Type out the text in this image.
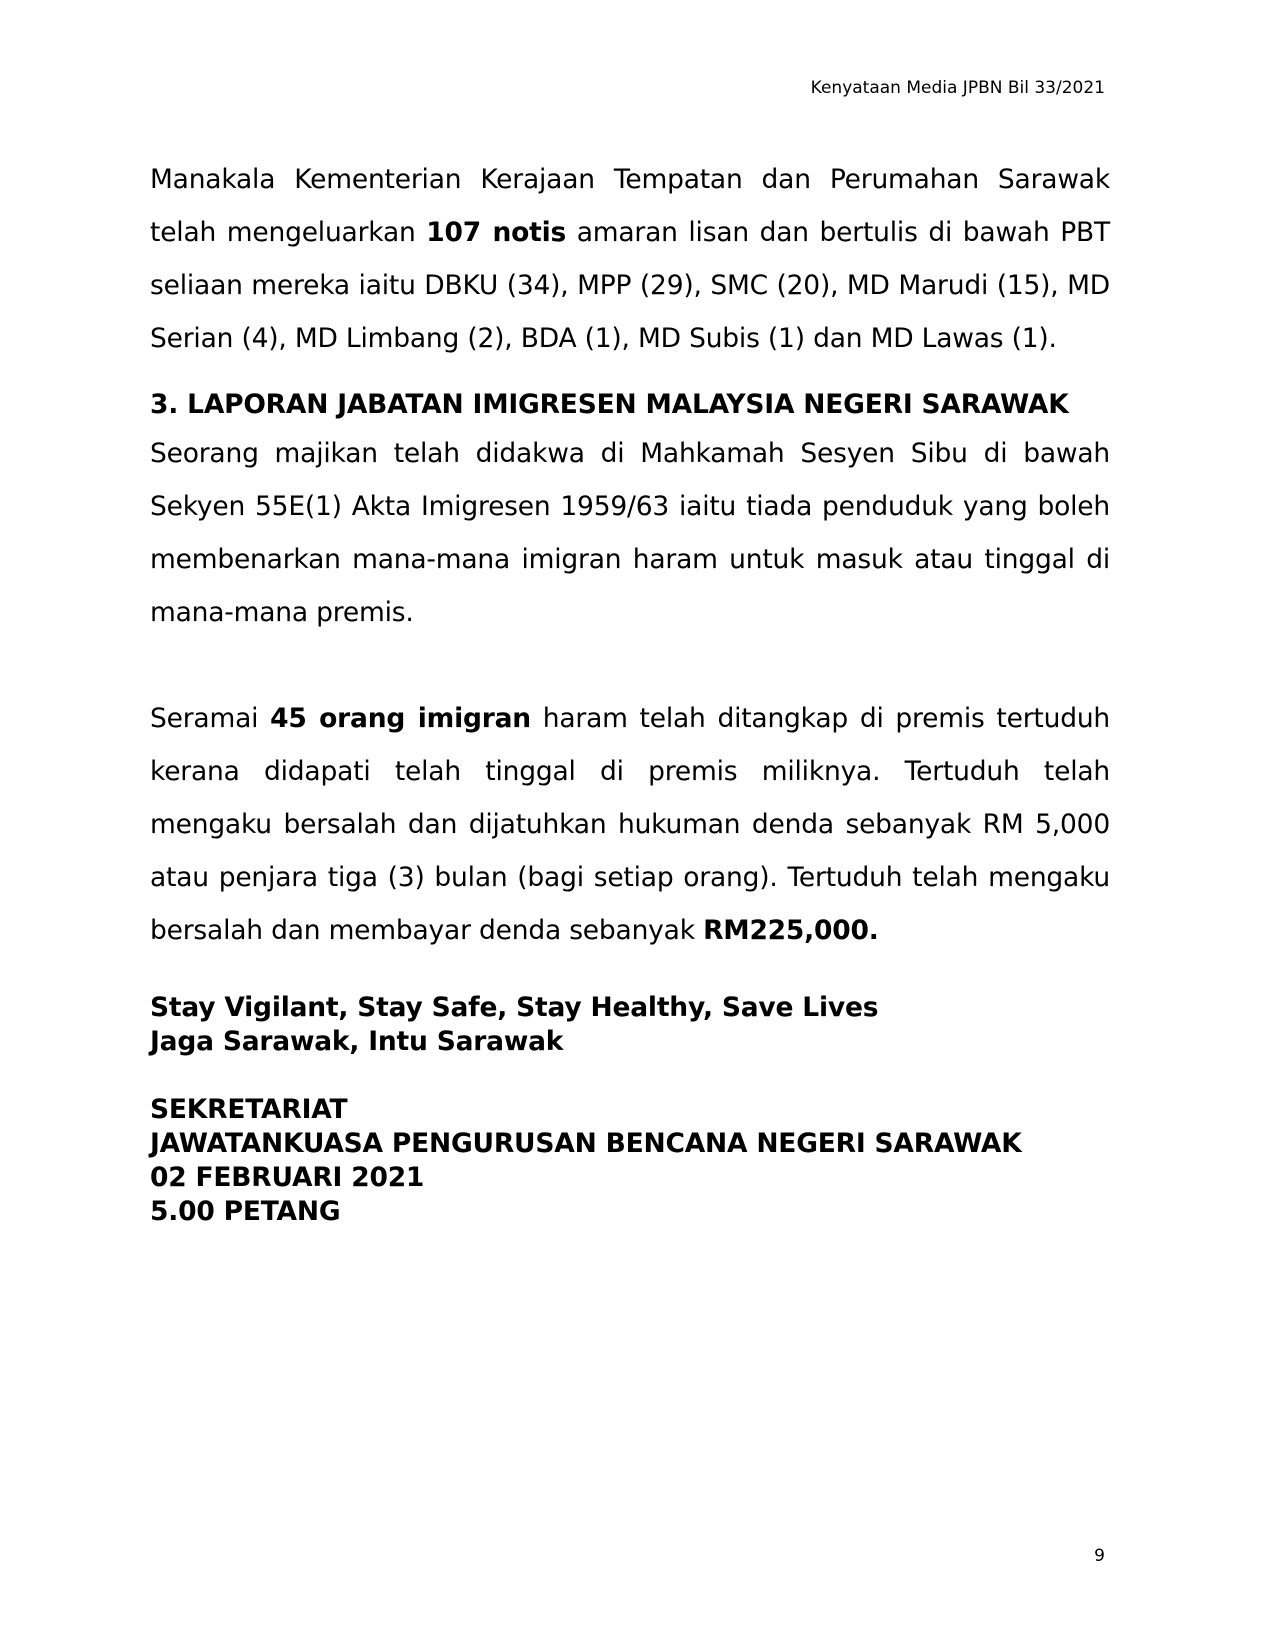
Kenyataan Media JPBN Bil 33/2021

Manakala Kementerian Kerajaan Tempatan dan Perumahan Sarawak telah mengeluarkan 107 notis amaran lisan dan bertulis di bawah PBT seliaan mereka iaitu DBKU (34), MPP (29), SMC (20), MD Marudi (15), MD Serian (4), MD Limbang (2), BDA (1), MD Subis (1) dan MD Lawas (1).

3. LAPORAN JABATAN IMIGRESEN MALAYSIA NEGERI SARAWAK

Seorang majikan telah didakwa di Mahkamah Sesyen Sibu di bawah Sekyen 55E(1) Akta Imigresen 1959/63 iaitu tiada penduduk yang boleh membenarkan mana-mana imigran haram untuk masuk atau tinggal di mana-mana premis.

Seramai 45 orang imigran haram telah ditangkap di premis tertuduh kerana didapati telah tinggal di premis miliknya. Tertuduh telah mengaku bersalah dan dijatuhkan hukuman denda sebanyak RM 5,000 atau penjara tiga (3) bulan (bagi setiap orang). Tertuduh telah mengaku bersalah dan membayar denda sebanyak RM225,000.

Stay Vigilant, Stay Safe, Stay Healthy, Save Lives

Jaga Sarawak, Intu Sarawak

SEKRETARIAT

JAWATANKUASA PENGURUSAN BENCANA NEGERI SARAWAK

02 FEBRUARI 2021

5.00 PETANG

9
